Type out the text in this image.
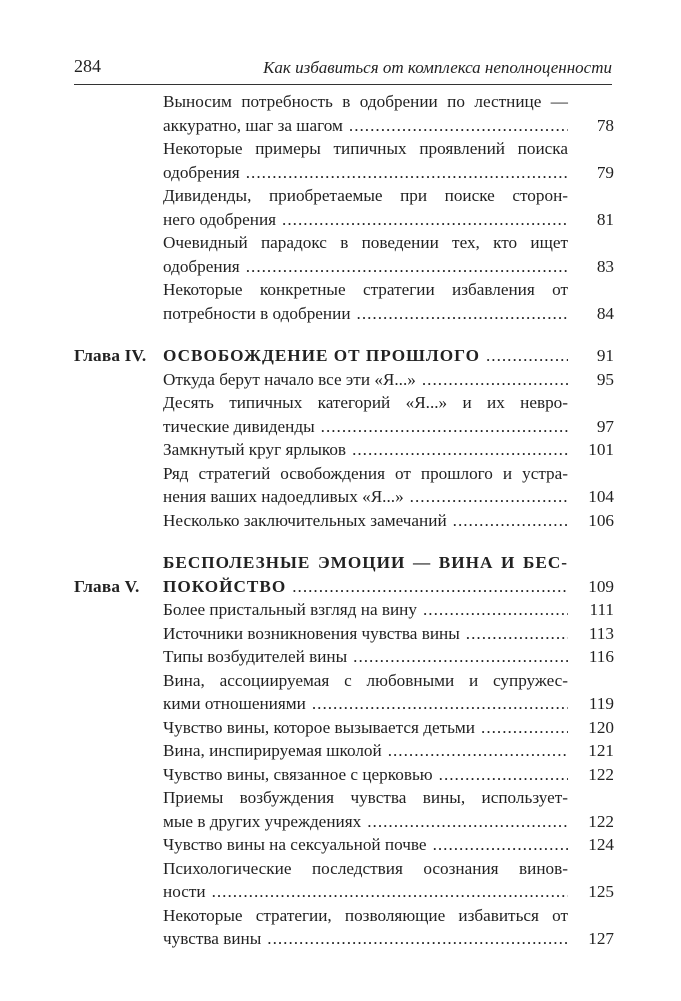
284	Как избавиться от комплекса неполноценности
Выносим потребность в одобрении по лестнице —
аккуратно, шаг за шагом .....	78
Некоторые примеры типичных проявлений поиска
одобрения .....	79
Дивиденды, приобретаемые при поиске сторон-
него одобрения .....	81
Очевидный парадокс в поведении тех, кто ищет
одобрения .....	83
Некоторые конкретные стратегии избавления от
потребности в одобрении .....	84
Глава IV. ОСВОБОЖДЕНИЕ ОТ ПРОШЛОГО .....	91
Откуда берут начало все эти «Я...» .....	95
Десять типичных категорий «Я...» и их невро-
тические дивиденды .....	97
Замкнутый круг ярлыков .....	101
Ряд стратегий освобождения от прошлого и устра-
нения ваших надоедливых «Я...» .....	104
Несколько заключительных замечаний .....	106
Глава V.
БЕСПОЛЕЗНЫЕ ЭМОЦИИ — ВИНА И БЕС-
ПОКОЙСТВО .....	109
Более пристальный взгляд на вину .....	111
Источники возникновения чувства вины .....	113
Типы возбудителей вины .....	116
Вина, ассоциируемая с любовными и супружес-
кими отношениями .....	119
Чувство вины, которое вызывается детьми .....	120
Вина, инспирируемая школой .....	121
Чувство вины, связанное с церковью .....	122
Приемы возбуждения чувства вины, использует-
мые в других учреждениях .....	122
Чувство вины на сексуальной почве .....	124
Психологические последствия осознания винов-
ности .....	125
Некоторые стратегии, позволяющие избавиться от
чувства вины .....	127
